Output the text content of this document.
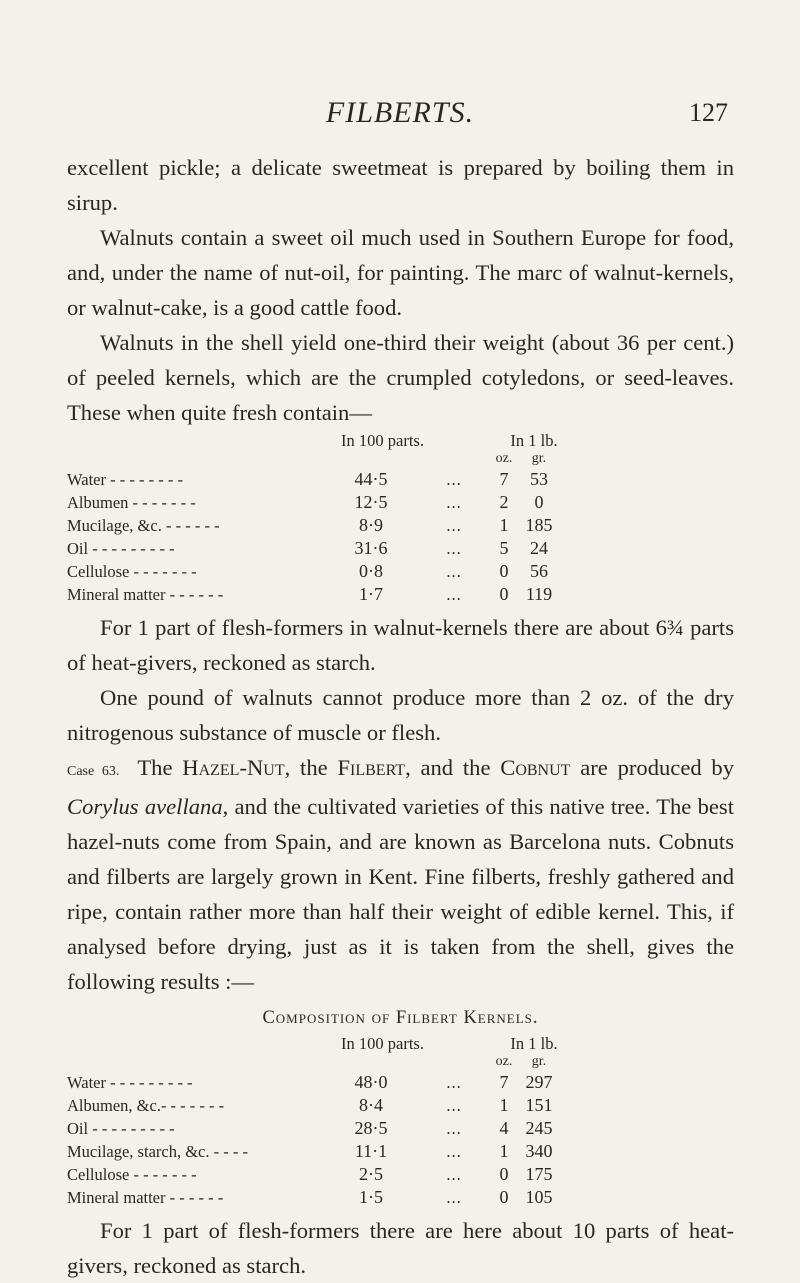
FILBERTS.	127

excellent pickle; a delicate sweetmeat is prepared by boiling them in sirup.

Walnuts contain a sweet oil much used in Southern Europe for food, and, under the name of nut-oil, for painting. The marc of walnut-kernels, or walnut-cake, is a good cattle food.

Walnuts in the shell yield one-third their weight (about 36 per cent.) of peeled kernels, which are the crumpled cotyledons, or seed-leaves. These when quite fresh contain—

	In 100 parts.		In 1 lb.	
			oz.	gr.
Water - - - - - - - -	44·5	...	7	53
Albumen - - - - - - -	12·5	...	2	0
Mucilage, &c. - - - - - -	8·9	...	1	185
Oil - - - - - - - - -	31·6	...	5	24
Cellulose - - - - - - -	0·8	...	0	56
Mineral matter - - - - - -	1·7	...	0	119

For 1 part of flesh-formers in walnut-kernels there are about 6¾ parts of heat-givers, reckoned as starch.

One pound of walnuts cannot produce more than 2 oz. of the dry nitrogenous substance of muscle or flesh.

Case 63. The Hazel-Nut, the Filbert, and the Cobnut are produced by Corylus avellana, and the cultivated varieties of this native tree. The best hazel-nuts come from Spain, and are known as Barcelona nuts. Cobnuts and filberts are largely grown in Kent. Fine filberts, freshly gathered and ripe, contain rather more than half their weight of edible kernel. This, if analysed before drying, just as it is taken from the shell, gives the following results :—

Composition of Filbert Kernels.
	In 100 parts.		In 1 lb.	
			oz.	gr.
Water - - - - - - - - -	48·0	...	7	297
Albumen, &c.- - - - - - -	8·4	...	1	151
Oil - - - - - - - - -	28·5	...	4	245
Mucilage, starch, &c. - - - -	11·1	...	1	340
Cellulose - - - - - - -	2·5	...	0	175
Mineral matter - - - - - -	1·5	...	0	105

For 1 part of flesh-formers there are here about 10 parts of heat-givers, reckoned as starch.
